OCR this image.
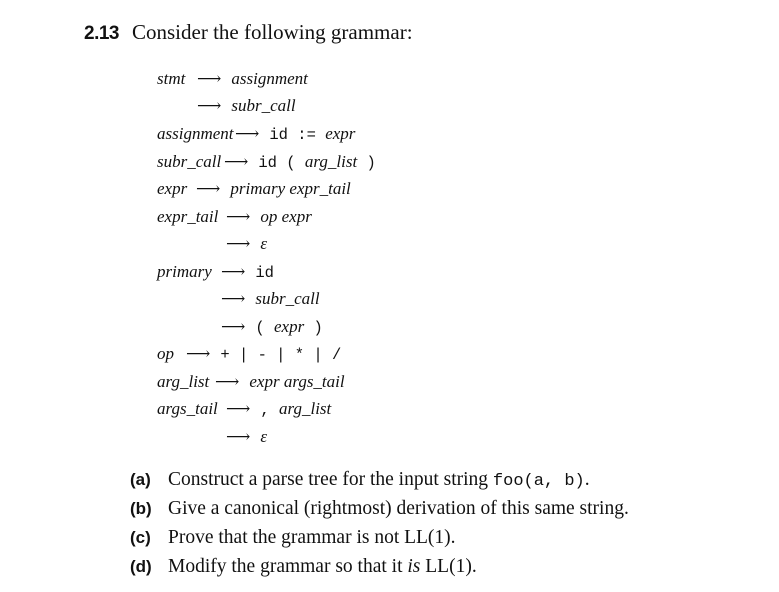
2.13 Consider the following grammar:
stmt ⟶ assignment
⟶ subr_call
assignment⟶ id := expr
subr_call ⟶ id ( arg_list )
expr ⟶ primary expr_tail
expr_tail ⟶ op expr
⟶ ε
primary ⟶ id
⟶ subr_call
⟶ ( expr )
op ⟶ + | - | * | /
arg_list ⟶ expr args_tail
args_tail ⟶ , arg_list
⟶ ε
(a) Construct a parse tree for the input string foo(a, b).
(b) Give a canonical (rightmost) derivation of this same string.
(c) Prove that the grammar is not LL(1).
(d) Modify the grammar so that it is LL(1).
